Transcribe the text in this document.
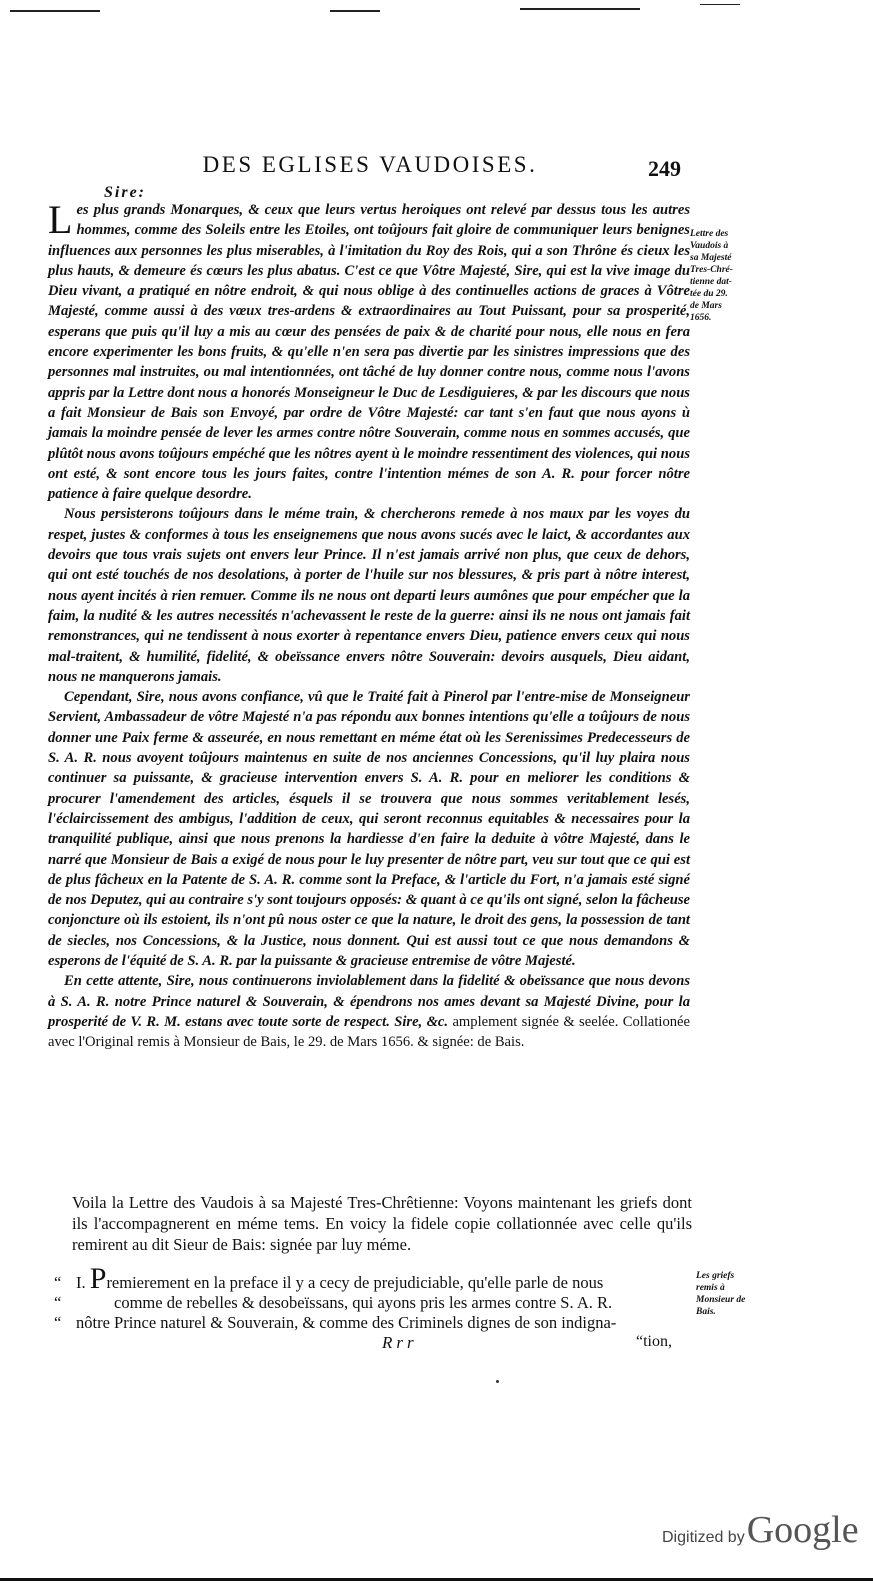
DES EGLISES VAUDOISES.	249
Sire:

Les plus grands Monarques, & ceux que leurs vertus heroiques ont relevé par dessus tous les autres hommes, comme des Soleils entre les Etoiles, ont toûjours fait gloire de communiquer leurs benignes influences aux personnes les plus miserables, à l'imitation du Roy des Rois, qui a son Thrône és cieux les plus hauts, & demeure és cœurs les plus abatus. C'est ce que Vôtre Majesté, Sire, qui est la vive image du Dieu vivant, a pratiqué en nôtre endroit, & qui nous oblige à des continuelles actions de graces à Vôtre Majesté, comme aussi à des vœux tres-ardens & extraordinaires au Tout Puissant, pour sa prosperité, esperans que puis qu'il luy a mis au cœur des pensées de paix & de charité pour nous, elle nous en fera encore experimenter les bons fruits, & qu'elle n'en sera pas divertie par les sinistres impressions que des personnes mal instruites, ou mal intentionnées, ont tâché de luy donner contre nous, comme nous l'avons appris par la Lettre dont nous a honorés Monseigneur le Duc de Lesdiguieres, & par les discours que nous a fait Monsieur de Bais son Envoyé, par ordre de Vôtre Majesté: car tant s'en faut que nous ayons ù jamais la moindre pensée de lever les armes contre nôtre Souverain, comme nous en sommes accusés, que plûtôt nous avons toûjours empéché que les nôtres ayent ù le moindre ressentiment des violences, qui nous ont esté, & sont encore tous les jours faites, contre l'intention mémes de son A. R. pour forcer nôtre patience à faire quelque desordre.

Nous persisterons toûjours dans le méme train, & chercherons remede à nos maux par les voyes du respet, justes & conformes à tous les enseignemens que nous avons sucés avec le laict, & accordantes aux devoirs que tous vrais sujets ont envers leur Prince. Il n'est jamais arrivé non plus, que ceux de dehors, qui ont esté touchés de nos desolations, à porter de l'huile sur nos blessures, & pris part à nôtre interest, nous ayent incités à rien remuer. Comme ils ne nous ont departi leurs aumônes que pour empécher que la faim, la nudité & les autres necessités n'achevassent le reste de la guerre: ainsi ils ne nous ont jamais fait remonstrances, qui ne tendissent à nous exorter à repentance envers Dieu, patience envers ceux qui nous mal-traitent, & humilité, fidelité, & obeïssance envers nôtre Souverain: devoirs ausquels, Dieu aidant, nous ne manquerons jamais.

Cependant, Sire, nous avons confiance, vû que le Traité fait à Pinerol par l'entre-mise de Monseigneur Servient, Ambassadeur de vôtre Majesté n'a pas répondu aux bonnes intentions qu'elle a toûjours de nous donner une Paix ferme & asseurée, en nous remettant en méme état où les Serenissimes Predecesseurs de S. A. R. nous avoyent toûjours maintenus en suite de nos anciennes Concessions, qu'il luy plaira nous continuer sa puissante, & gracieuse intervention envers S. A. R. pour en meliorer les conditions & procurer l'amendement des articles, ésquels il se trouvera que nous sommes veritablement lesés, l'éclaircissement des ambigus, l'addition de ceux, qui seront reconnus equitables & necessaires pour la tranquilité publique, ainsi que nous prenons la hardiesse d'en faire la deduite à vôtre Majesté, dans le narré que Monsieur de Bais a exigé de nous pour le luy presenter de nôtre part, veu sur tout que ce qui est de plus fâcheux en la Patente de S. A. R. comme sont la Preface, & l'article du Fort, n'a jamais esté signé de nos Deputez, qui au contraire s'y sont toujours opposés: & quant à ce qu'ils ont signé, selon la fâcheuse conjoncture où ils estoient, ils n'ont pû nous oster ce que la nature, le droit des gens, la possession de tant de siecles, nos Concessions, & la Justice, nous donnent. Qui est aussi tout ce que nous demandons & esperons de l'équité de S. A. R. par la puissante & gracieuse entremise de vôtre Majesté.

En cette attente, Sire, nous continuerons inviolablement dans la fidelité & obeïssance que nous devons à S. A. R. notre Prince naturel & Souverain, & épendrons nos ames devant sa Majesté Divine, pour la prosperité de V. R. M. estans avec toute sorte de respect. Sire, &c. amplement signée & seelée. Collationée avec l'Original remis à Monsieur de Bais, le 29. de Mars 1656. & signée: de Bais.

Lettre des
Vaudois à
sa Majesté
Tres-Chré-
tienne dat-
tée du 29.
de Mars
1656.

Voila la Lettre des Vaudois à sa Majesté Tres-Chrêtienne: Voyons maintenant les griefs dont ils l'accompagnerent en méme tems. En voicy la fidele copie collationnée avec celle qu'ils remirent au dit Sieur de Bais: signée par luy méme.

“ I. Premierement en la preface il y a cecy de prejudiciable, qu'elle parle de nous
“	comme de rebelles & desobeïssans, qui ayons pris les armes contre S. A. R.
“ nôtre Prince naturel & Souverain, & comme des Criminels dignes de son indigna-
Les griefs
remis à
Monsieur de
Bais.
Rrr	“tion,
Digitized byGoogle
